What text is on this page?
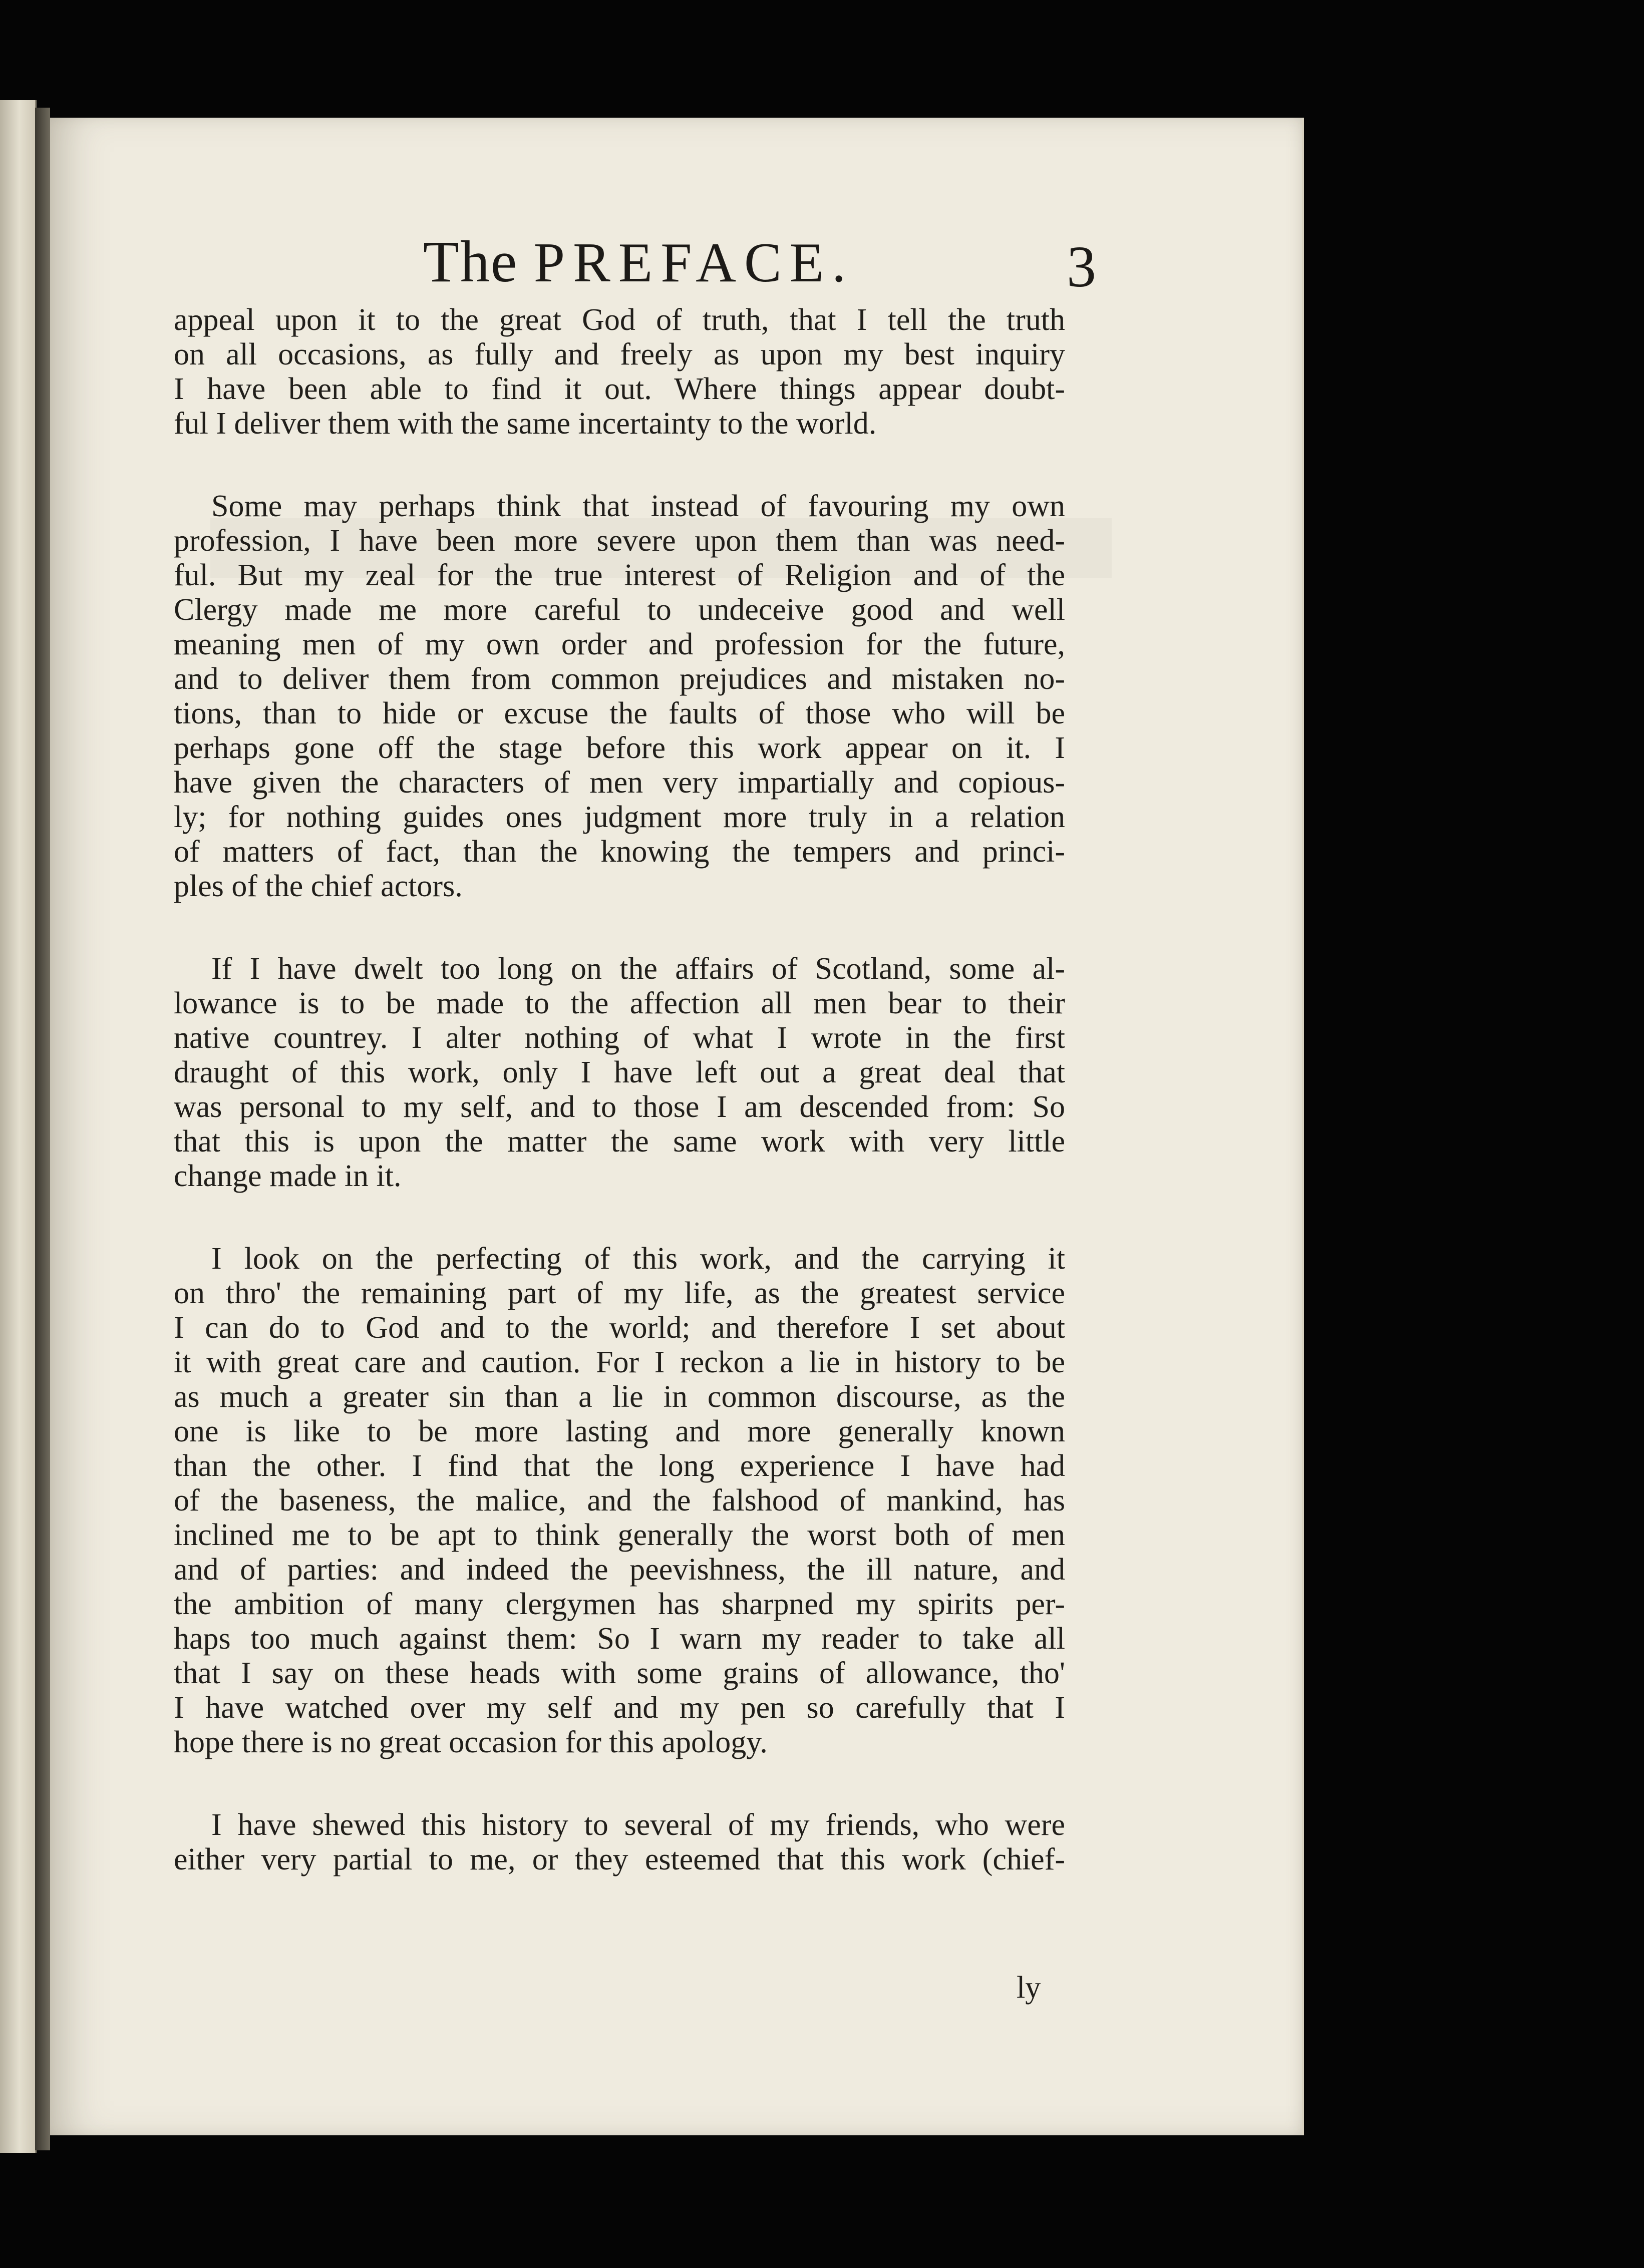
The PREFACE.	3
appeal upon it to the great God of truth, that I tell the truth
on all occasions, as fully and freely as upon my best inquiry
I have been able to find it out. Where things appear doubt-
ful I deliver them with the same incertainty to the world.
Some may perhaps think that instead of favouring my own
profession, I have been more severe upon them than was need-
ful. But my zeal for the true interest of Religion and of the
Clergy made me more careful to undeceive good and well
meaning men of my own order and profession for the future,
and to deliver them from common prejudices and mistaken no-
tions, than to hide or excuse the faults of those who will be
perhaps gone off the stage before this work appear on it. I
have given the characters of men very impartially and copious-
ly; for nothing guides ones judgment more truly in a relation
of matters of fact, than the knowing the tempers and princi-
ples of the chief actors.
If I have dwelt too long on the affairs of Scotland, some al-
lowance is to be made to the affection all men bear to their
native countrey. I alter nothing of what I wrote in the first
draught of this work, only I have left out a great deal that
was personal to my self, and to those I am descended from: So
that this is upon the matter the same work with very little
change made in it.
I look on the perfecting of this work, and the carrying it
on thro' the remaining part of my life, as the greatest service
I can do to God and to the world; and therefore I set about
it with great care and caution. For I reckon a lie in history to be
as much a greater sin than a lie in common discourse, as the
one is like to be more lasting and more generally known
than the other. I find that the long experience I have had
of the baseness, the malice, and the falshood of mankind, has
inclined me to be apt to think generally the worst both of men
and of parties: and indeed the peevishness, the ill nature, and
the ambition of many clergymen has sharpned my spirits per-
haps too much against them: So I warn my reader to take all
that I say on these heads with some grains of allowance, tho'
I have watched over my self and my pen so carefully that I
hope there is no great occasion for this apology.
I have shewed this history to several of my friends, who were
either very partial to me, or they esteemed that this work (chief-
ly
